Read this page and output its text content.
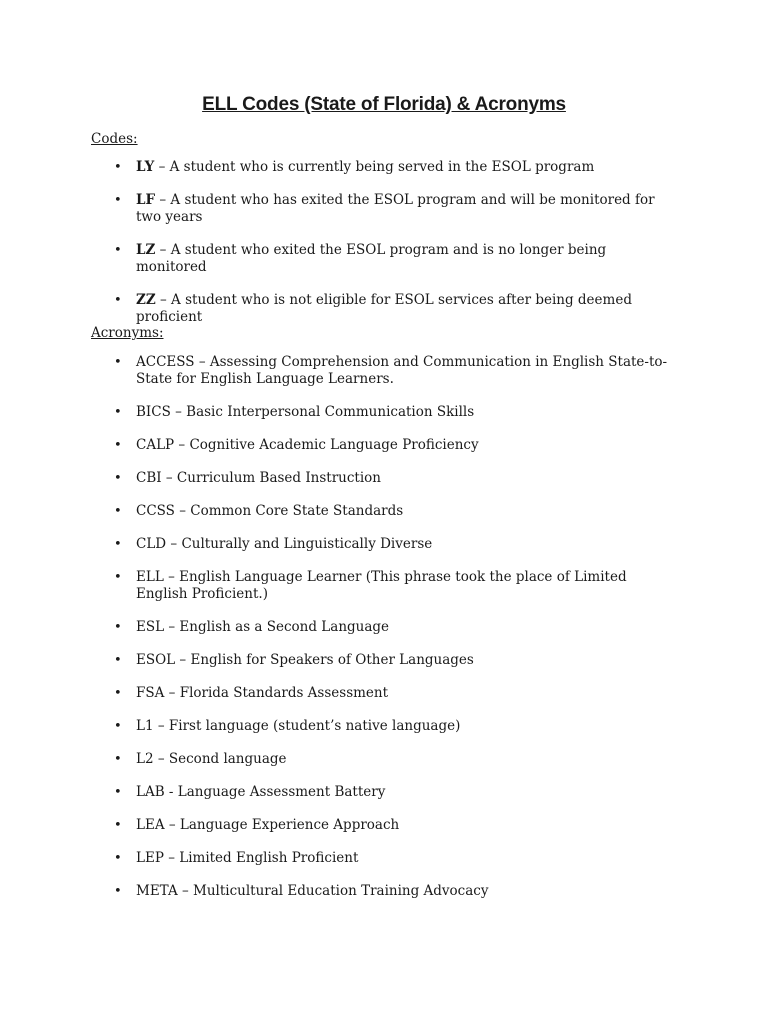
ELL Codes (State of Florida) & Acronyms
Codes:
• LY – A student who is currently being served in the ESOL program
• LF – A student who has exited the ESOL program and will be monitored for two years
• LZ – A student who exited the ESOL program and is no longer being monitored
• ZZ – A student who is not eligible for ESOL services after being deemed proficient
Acronyms:
• ACCESS – Assessing Comprehension and Communication in English State-to-State for English Language Learners.
• BICS – Basic Interpersonal Communication Skills
• CALP – Cognitive Academic Language Proficiency
• CBI – Curriculum Based Instruction
• CCSS – Common Core State Standards
• CLD – Culturally and Linguistically Diverse
• ELL – English Language Learner (This phrase took the place of Limited English Proficient.)
• ESL – English as a Second Language
• ESOL – English for Speakers of Other Languages
• FSA – Florida Standards Assessment
• L1 – First language (student’s native language)
• L2 – Second language
• LAB - Language Assessment Battery
• LEA – Language Experience Approach
• LEP – Limited English Proficient
• META – Multicultural Education Training Advocacy
